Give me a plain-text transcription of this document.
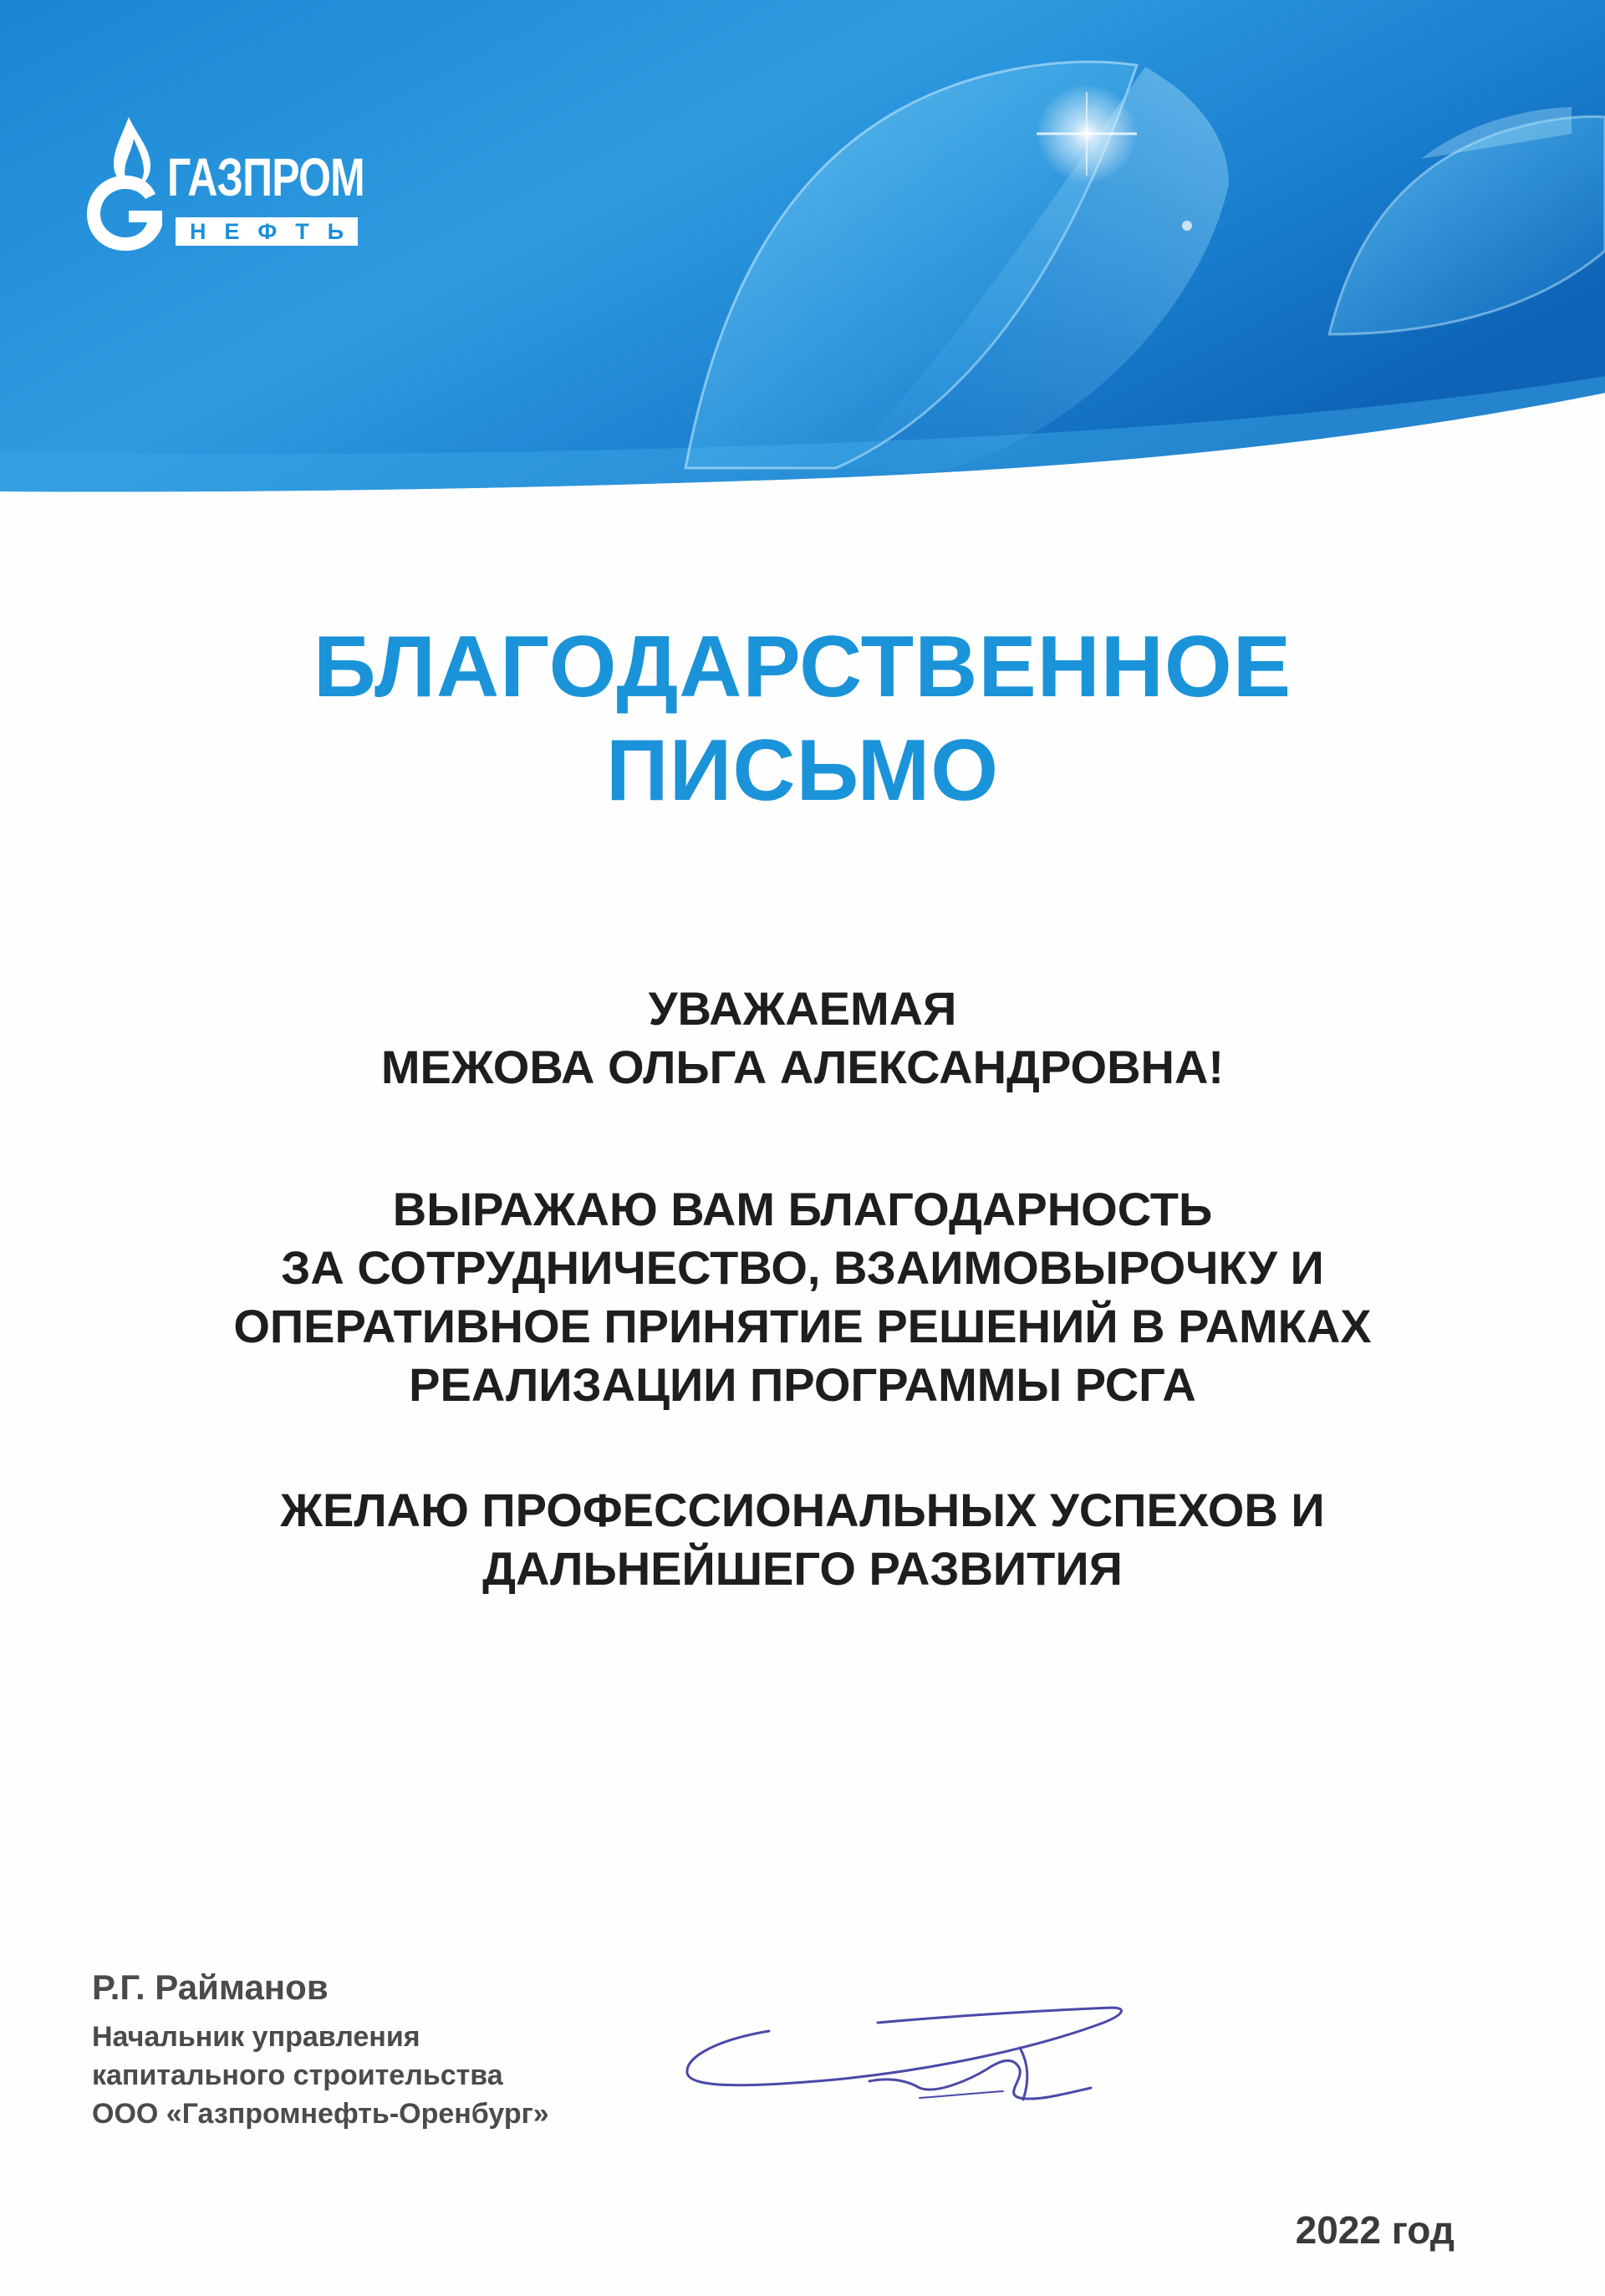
ГАЗПРОМ
Н Е Ф Т Ь
БЛАГОДАРСТВЕННОЕ
ПИСЬМО
УВАЖАЕМАЯ
МЕЖОВА ОЛЬГА АЛЕКСАНДРОВНА!
ВЫРАЖАЮ ВАМ БЛАГОДАРНОСТЬ
ЗА СОТРУДНИЧЕСТВО, ВЗАИМОВЫРОЧКУ И
ОПЕРАТИВНОЕ ПРИНЯТИЕ РЕШЕНИЙ В РАМКАХ
РЕАЛИЗАЦИИ ПРОГРАММЫ РСГА
ЖЕЛАЮ ПРОФЕССИОНАЛЬНЫХ УСПЕХОВ И
ДАЛЬНЕЙШЕГО РАЗВИТИЯ
Р.Г. Райманов
Начальник управления
капитального строительства
ООО «Газпромнефть-Оренбург»
2022 год
